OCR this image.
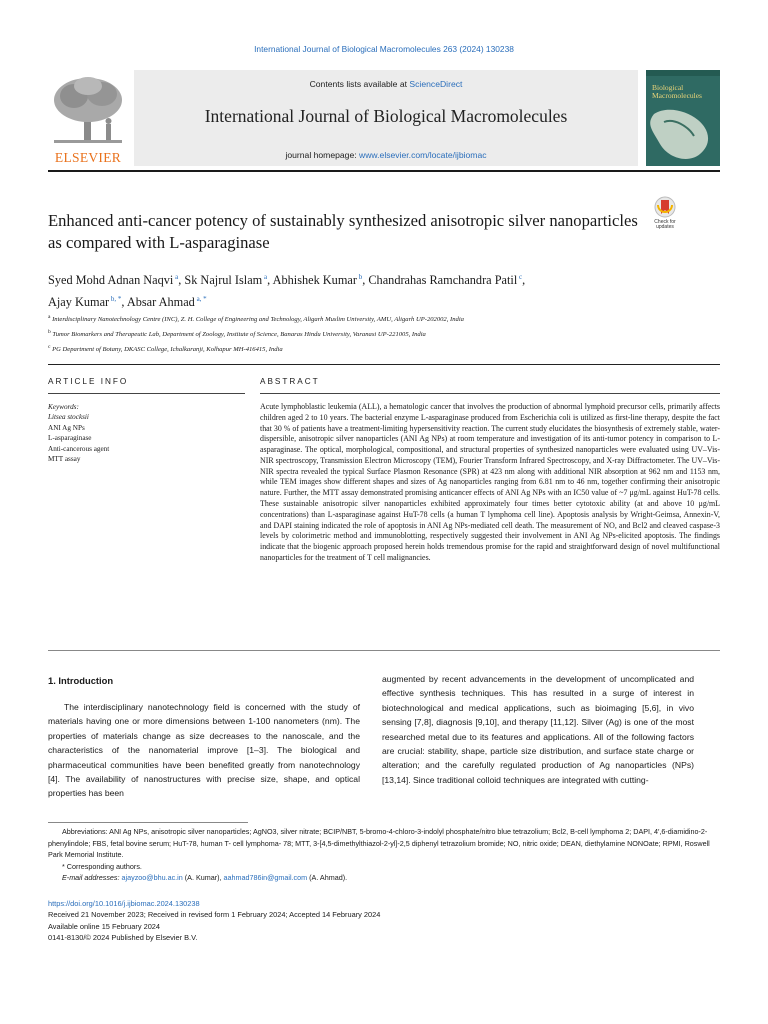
International Journal of Biological Macromolecules 263 (2024) 130238
ELSEVIER
Contents lists available at ScienceDirect
International Journal of Biological Macromolecules
journal homepage: www.elsevier.com/locate/ijbiomac
Biological Macromolecules
Enhanced anti-cancer potency of sustainably synthesized anisotropic silver nanoparticles as compared with L-asparaginase
Check for
updates
Syed Mohd Adnan Naqvi $^a$, Sk Najrul Islam $^a$, Abhishek Kumar $^b$, Chandrahas Ramchandra Patil $^c$,
Ajay Kumar $^{b, *}$, Absar Ahmad $^{a, *}$
$^a$ Interdisciplinary Nanotechnology Centre (INC), Z. H. College of Engineering and Technology, Aligarh Muslim University, AMU, Aligarh UP-202002, India
$^b$ Tumor Biomarkers and Therapeutic Lab, Department of Zoology, Institute of Science, Banaras Hindu University, Varanasi UP-221005, India
$^c$ PG Department of Botany, DKASC College, Ichalkaranji, Kolhapur MH-416415, India
ARTICLE INFO	ABSTRACT
Keywords:
Litsea stocksii
ANI Ag NPs
L-asparaginase
Anti-cancerous agent
MTT assay
Acute lymphoblastic leukemia (ALL), a hematologic cancer that involves the production of abnormal lymphoid precursor cells, primarily affects children aged 2 to 10 years. The bacterial enzyme L-asparaginase produced from Escherichia coli is utilized as first-line therapy, despite the fact that 30 % of patients have a treatment-limiting hypersensitivity reaction. The current study elucidates the biosynthesis of extremely stable, water-dispersible, anisotropic silver nanoparticles (ANI Ag NPs) at room temperature and investigation of its anti-tumor potency in comparison to L-asparaginase. The optical, morphological, compositional, and structural properties of synthesized nanoparticles were evaluated using UV–Vis-NIR spectroscopy, Transmission Electron Microscopy (TEM), Fourier Transform Infrared Spectroscopy, and X-ray Diffractometer. The UV–Vis-NIR spectra revealed the typical Surface Plasmon Resonance (SPR) at 423 nm along with additional NIR absorption at 962 nm and 1153 nm, while TEM images show different shapes and sizes of Ag nanoparticles ranging from 6.81 nm to 46 nm, together confirming their anisotropic nature. Further, the MTT assay demonstrated promising anticancer effects of ANI Ag NPs with an IC50 value of ~7 μg/mL against HuT-78 cells. These sustainable anisotropic silver nanoparticles exhibited approximately four times better cytotoxic ability (at and above 10 μg/mL concentrations) than L-asparaginase against HuT-78 cells (a human T lymphoma cell line). Apoptosis analysis by Wright-Geimsa, Annexin-V, and DAPI staining indicated the role of apoptosis in ANI Ag NPs-mediated cell death. The measurement of NO, and Bcl2 and cleaved caspase-3 levels by colorimetric method and immunoblotting, respectively suggested their involvement in ANI Ag NPs-elicited apoptosis. The findings indicate that the biogenic approach proposed herein holds tremendous promise for the rapid and straightforward design of novel multifunctional nanoparticles for the treatment of T cell malignancies.
1. Introduction
The interdisciplinary nanotechnology field is concerned with the study of materials having one or more dimensions between 1-100 nanometers (nm). The properties of materials change as size decreases to the nanoscale, and the characteristics of the nanomaterial improve [1–3]. The biological and pharmaceutical communities have been benefited greatly from nanotechnology [4]. The availability of nanostructures with precise size, shape, and optical properties has been
augmented by recent advancements in the development of uncomplicated and effective synthesis techniques. This has resulted in a surge of interest in biotechnological and medical applications, such as bioimaging [5,6], in vivo sensing [7,8], diagnosis [9,10], and therapy [11,12]. Silver (Ag) is one of the most researched metal due to its features and applications. All of the following factors are crucial: stability, shape, particle size distribution, and surface state charge or alteration; and the carefully regulated production of Ag nanoparticles (NPs) [13,14]. Since traditional colloid techniques are integrated with cutting-

Abbreviations: ANI Ag NPs, anisotropic silver nanoparticles; AgNO3, silver nitrate; BCIP/NBT, 5-bromo-4-chloro-3-indolyl phosphate/nitro blue tetrazolium; Bcl2, B-cell lymphoma 2; DAPI, 4′,6-diamidino-2-phenylindole; FBS, fetal bovine serum; HuT-78, human T- cell lymphoma- 78; MTT, 3-[4,5-dimethylthiazol-2-yl]-2,5 diphenyl tetrazolium bromide; NO, nitric oxide; DEAN, diethylamine NONOate; RPMI, Roswell Park Memorial Institute.

* Corresponding authors.

E-mail addresses: ajayzoo@bhu.ac.in (A. Kumar), aahmad786in@gmail.com (A. Ahmad).

https://doi.org/10.1016/j.ijbiomac.2024.130238
Received 21 November 2023; Received in revised form 1 February 2024; Accepted 14 February 2024
Available online 15 February 2024
0141-8130/© 2024 Published by Elsevier B.V.
